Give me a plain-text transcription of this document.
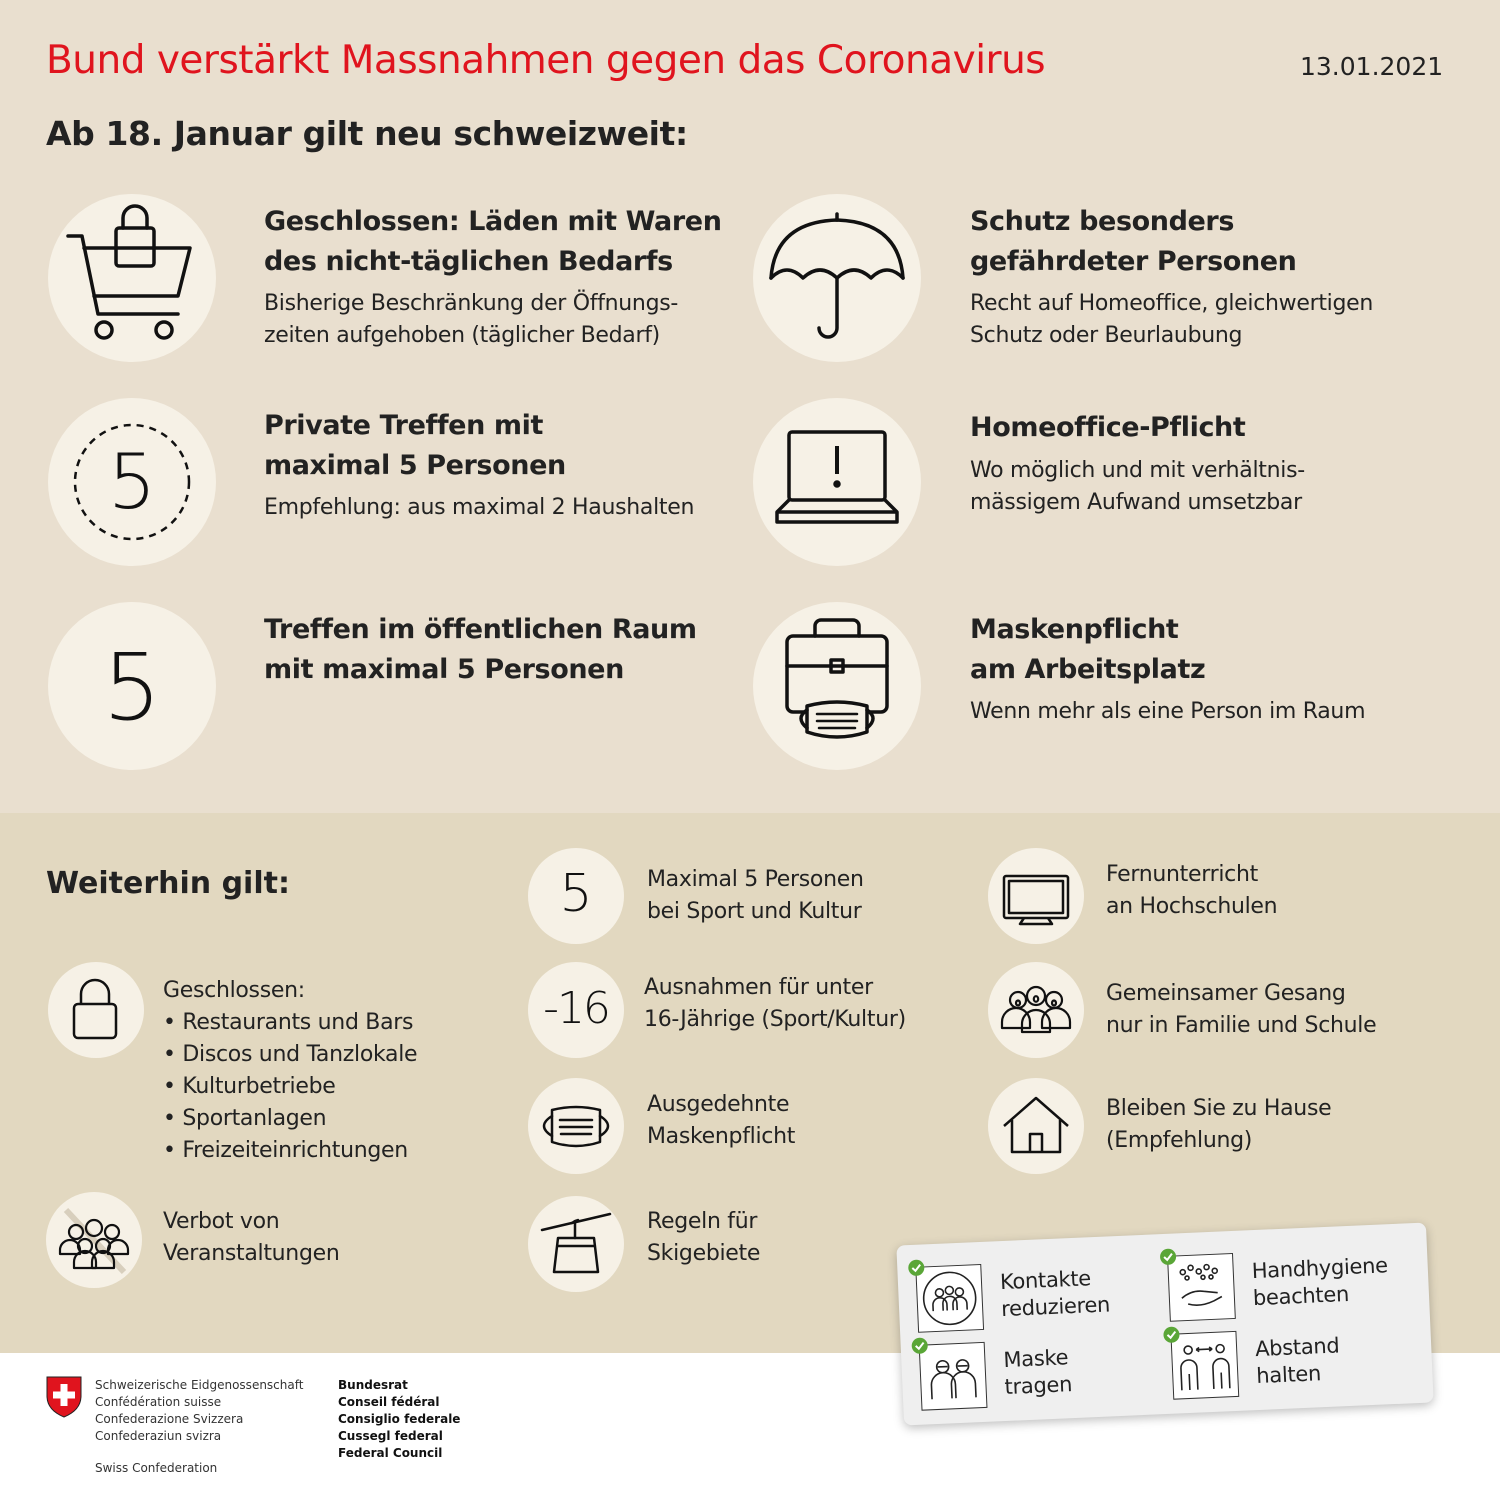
Bund verstärkt Massnahmen gegen das Coronavirus	13.01.2021
Ab 18. Januar gilt neu schweizweit:
Geschlossen: Läden mit Waren
des nicht-täglichen Bedarfs
Bisherige Beschränkung der Öffnungs-
zeiten aufgehoben (täglicher Bedarf)
Schutz besonders
gefährdeter Personen
Recht auf Homeoffice, gleichwertigen
Schutz oder Beurlaubung
5
Private Treffen mit
maximal 5 Personen
Empfehlung: aus maximal 2 Haushalten
Homeoffice-Pflicht
Wo möglich und mit verhältnis-
mässigem Aufwand umsetzbar
5
Treffen im öffentlichen Raum
mit maximal 5 Personen
Maskenpflicht
am Arbeitsplatz
Wenn mehr als eine Person im Raum
Weiterhin gilt:
Geschlossen:
• Restaurants und Bars
• Discos und Tanzlokale
• Kulturbetriebe
• Sportanlagen
• Freizeiteinrichtungen
Verbot von
Veranstaltungen
5	Maximal 5 Personen
bei Sport und Kultur
-16	Ausnahmen für unter
16-Jährige (Sport/Kultur)
Ausgedehnte
Maskenpflicht
Regeln für
Skigebiete
Fernunterricht
an Hochschulen
Gemeinsamer Gesang
nur in Familie und Schule
Bleiben Sie zu Hause
(Empfehlung)
Kontakte
reduzieren
Handhygiene
beachten
Maske
tragen
Abstand
halten
Schweizerische Eidgenossenschaft
Confédération suisse
Confederazione Svizzera
Confederaziun svizra
Swiss Confederation
Bundesrat
Conseil fédéral
Consiglio federale
Cussegl federal
Federal Council
